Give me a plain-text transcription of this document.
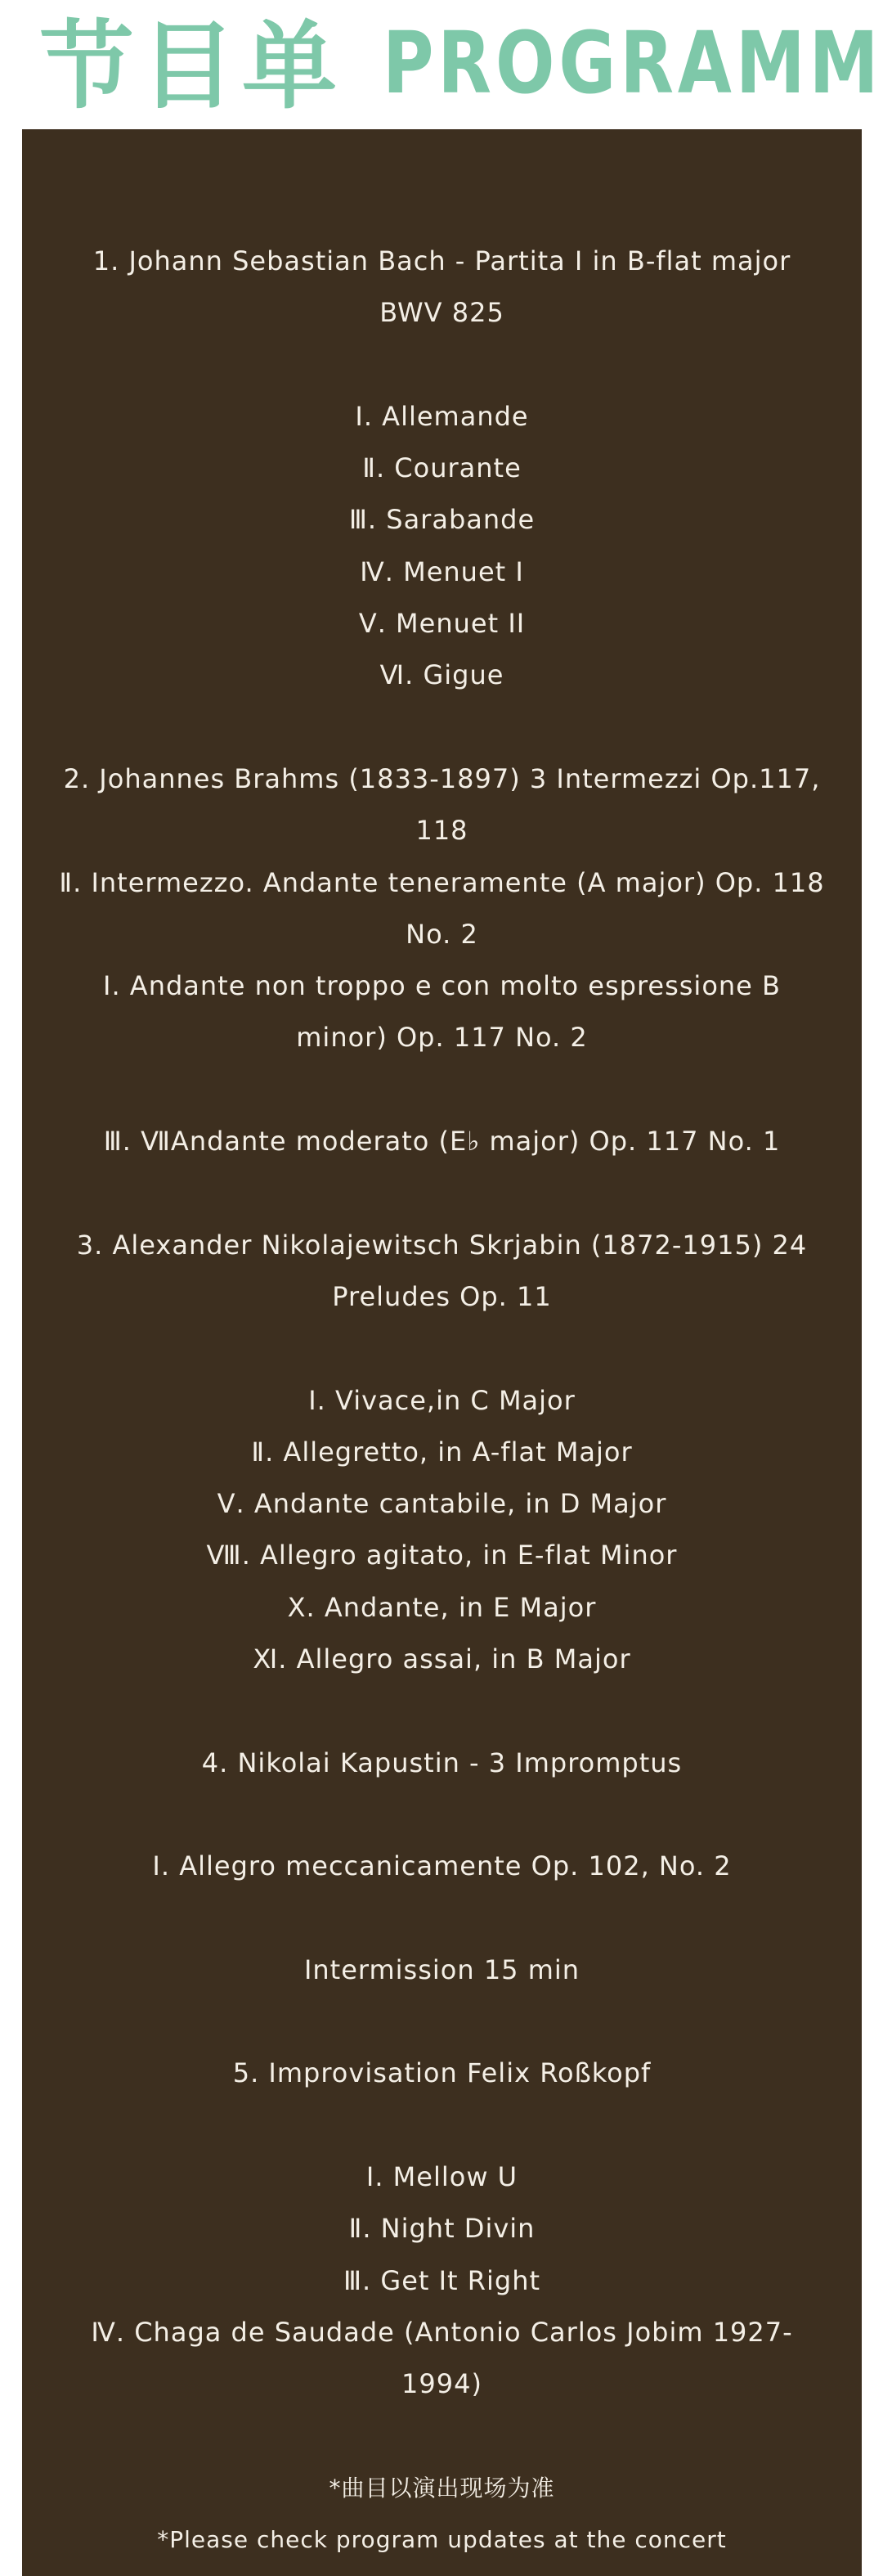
节目单 PROGRAMM
1. Johann Sebastian Bach - Partita I in B-flat major
BWV 825
Ⅰ. Allemande
Ⅱ. Courante
Ⅲ. Sarabande
Ⅳ. Menuet I
Ⅴ. Menuet II
Ⅵ. Gigue
2. Johannes Brahms (1833-1897) 3 Intermezzi Op.117,
118
Ⅱ. Intermezzo. Andante teneramente (A major) Op. 118
No. 2
Ⅰ. Andante non troppo e con molto espressione B
minor) Op. 117 No. 2
Ⅲ. ⅦAndante moderato (E♭ major) Op. 117 No. 1
3. Alexander Nikolajewitsch Skrjabin (1872-1915) 24
Preludes Op. 11
Ⅰ. Vivace,in C Major
Ⅱ. Allegretto, in A-flat Major
Ⅴ. Andante cantabile, in D Major
Ⅷ. Allegro agitato, in E-flat Minor
Ⅹ. Andante, in E Major
Ⅺ. Allegro assai, in B Major
4. Nikolai Kapustin - 3 Impromptus
Ⅰ. Allegro meccanicamente Op. 102, No. 2
Intermission 15 min
5. Improvisation Felix Roßkopf
Ⅰ. Mellow U
Ⅱ. Night Divin
Ⅲ. Get It Right
Ⅳ. Chaga de Saudade (Antonio Carlos Jobim 1927-
1994)
*曲目以演出现场为准
*Please check program updates at the concert
